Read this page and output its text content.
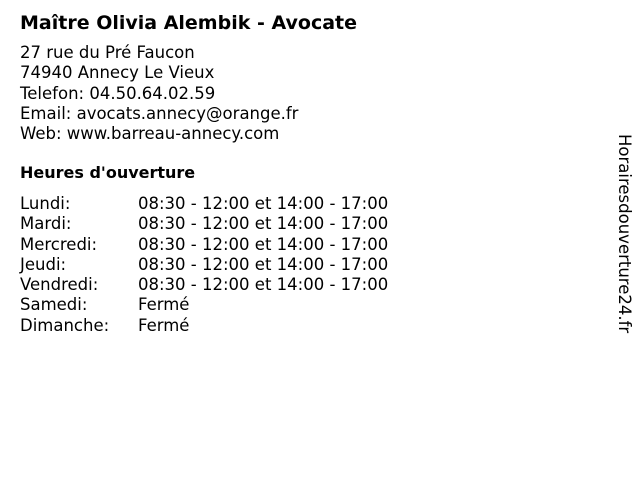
Maître Olivia Alembik - Avocate
27 rue du Pré Faucon
74940 Annecy Le Vieux
Telefon: 04.50.64.02.59
Email: avocats.annecy@orange.fr
Web: www.barreau-annecy.com
Heures d'ouverture
Lundi:	08:30 - 12:00 et 14:00 - 17:00
Mardi:	08:30 - 12:00 et 14:00 - 17:00
Mercredi:	08:30 - 12:00 et 14:00 - 17:00
Jeudi:	08:30 - 12:00 et 14:00 - 17:00
Vendredi:	08:30 - 12:00 et 14:00 - 17:00
Samedi:	Fermé
Dimanche:	Fermé	Horairesdouverture24.fr
